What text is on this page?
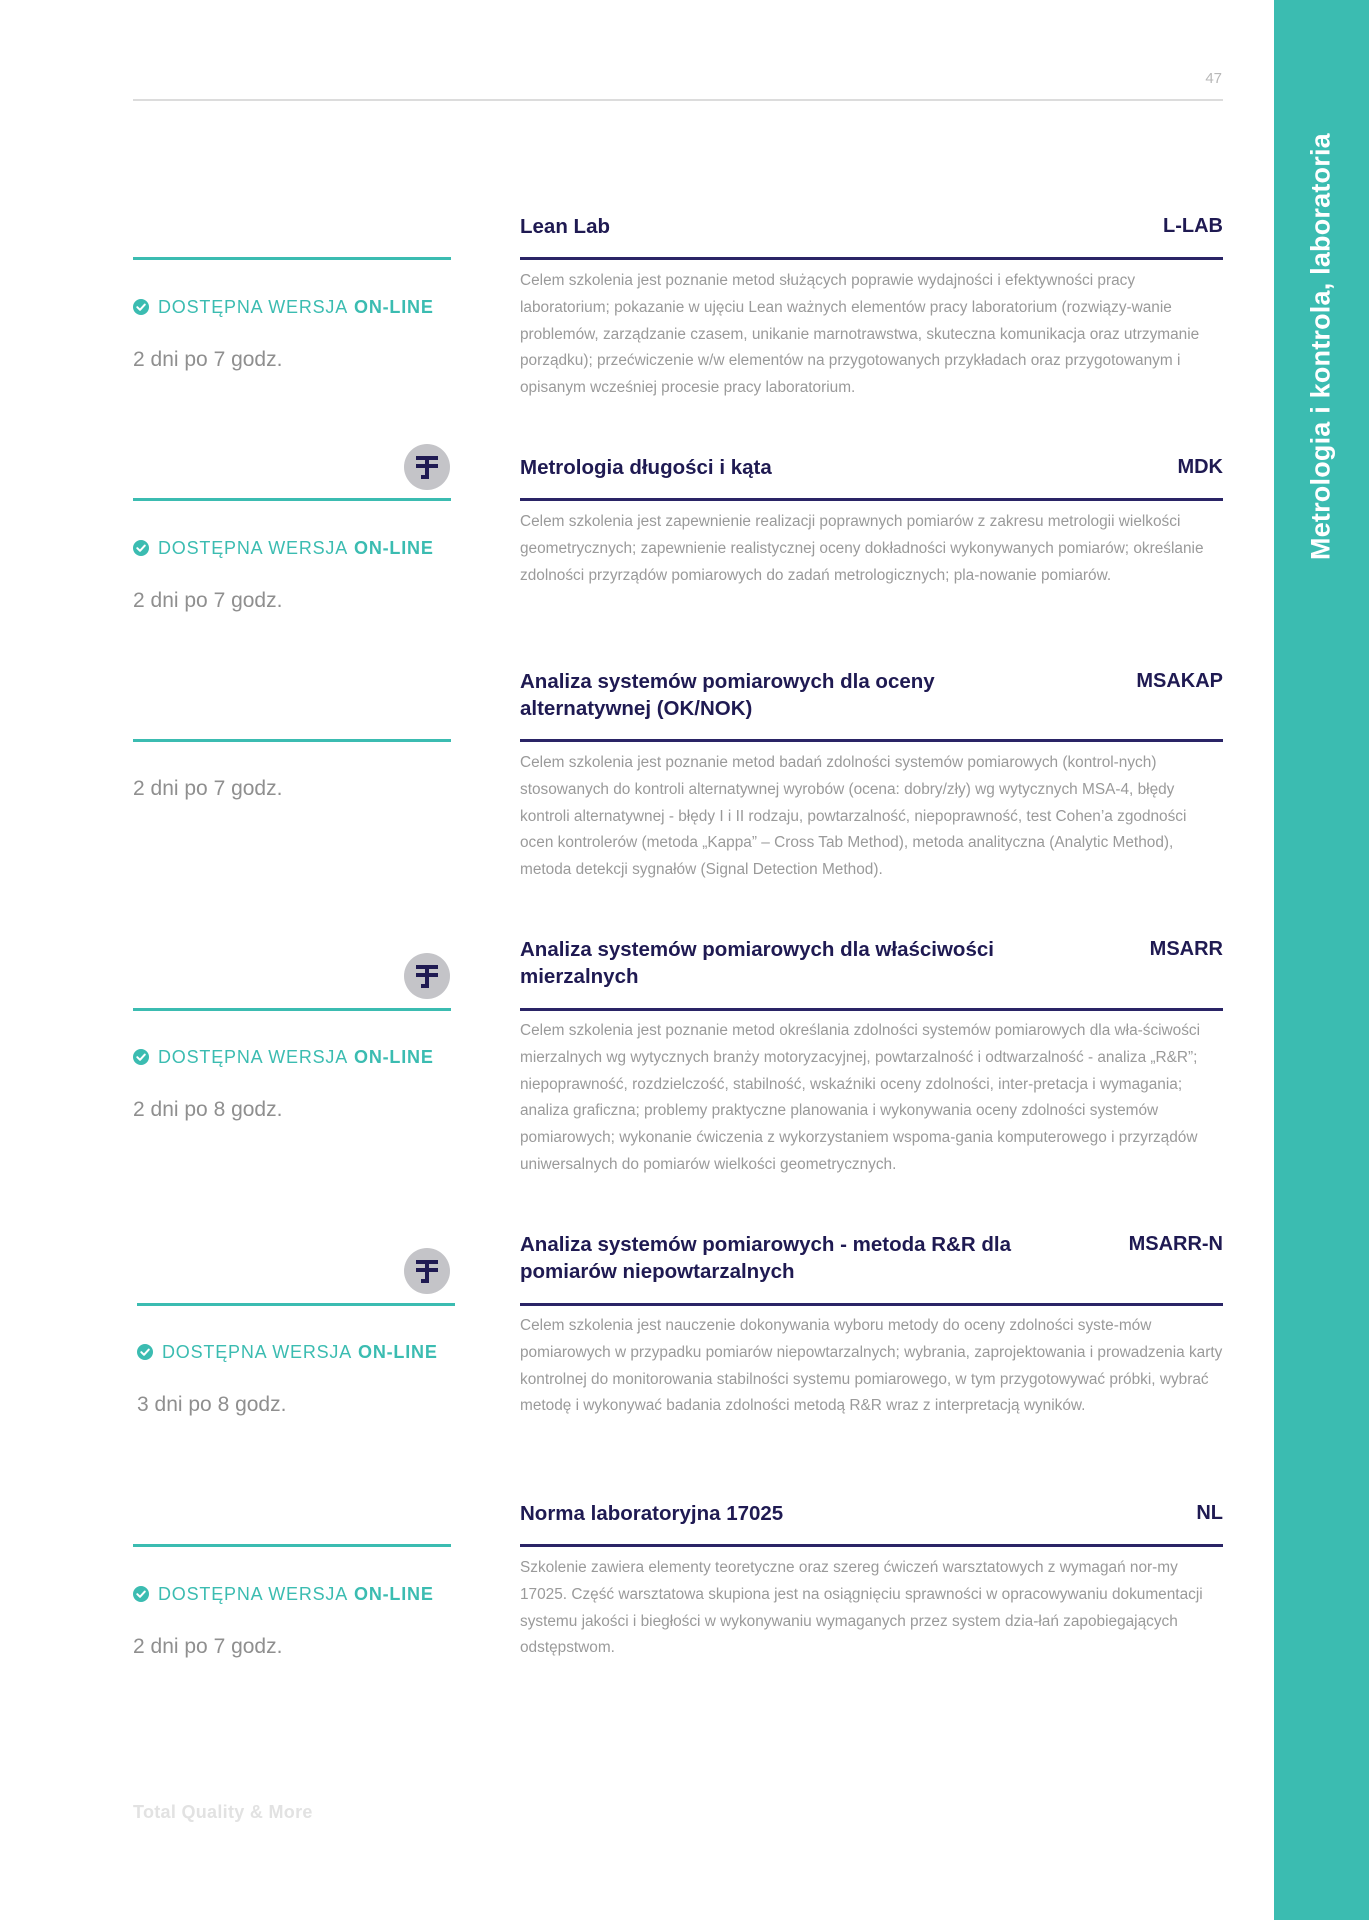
47
Metrologia i kontrola, laboratoria
DOSTĘPNA WERSJA ON-LINE
2 dni po 7 godz.
Lean Lab	L-LAB

Celem szkolenia jest poznanie metod służących poprawie wydajności i efektywności pracy laboratorium; pokazanie w ujęciu Lean ważnych elementów pracy laboratorium (rozwiązy-wanie problemów, zarządzanie czasem, unikanie marnotrawstwa, skuteczna komunikacja oraz utrzymanie porządku); przećwiczenie w/w elementów na przygotowanych przykładach oraz przygotowanym i opisanym wcześniej procesie pracy laboratorium.

DOSTĘPNA WERSJA ON-LINE
2 dni po 7 godz.
Metrologia długości i kąta	MDK

Celem szkolenia jest zapewnienie realizacji poprawnych pomiarów z zakresu metrologii wielkości geometrycznych; zapewnienie realistycznej oceny dokładności wykonywanych pomiarów; określanie zdolności przyrządów pomiarowych do zadań metrologicznych; pla-nowanie pomiarów.

2 dni po 7 godz.
Analiza systemów pomiarowych dla oceny alternatywnej (OK/NOK)
MSAKAP

Celem szkolenia jest poznanie metod badań zdolności systemów pomiarowych (kontrol-nych) stosowanych do kontroli alternatywnej wyrobów (ocena: dobry/zły) wg wytycznych MSA-4, błędy kontroli alternatywnej - błędy I i II rodzaju, powtarzalność, niepoprawność, test Cohen’a zgodności ocen kontrolerów (metoda „Kappa” – Cross Tab Method), metoda analityczna (Analytic Method), metoda detekcji sygnałów (Signal Detection Method).

DOSTĘPNA WERSJA ON-LINE
2 dni po 8 godz.
Analiza systemów pomiarowych dla właściwości mierzalnych
MSARR

Celem szkolenia jest poznanie metod określania zdolności systemów pomiarowych dla wła-ściwości mierzalnych wg wytycznych branży motoryzacyjnej, powtarzalność i odtwarzalność - analiza „R&R”; niepoprawność, rozdzielczość, stabilność, wskaźniki oceny zdolności, inter-pretacja i wymagania; analiza graficzna; problemy praktyczne planowania i wykonywania oceny zdolności systemów pomiarowych; wykonanie ćwiczenia z wykorzystaniem wspoma-gania komputerowego i przyrządów uniwersalnych do pomiarów wielkości geometrycznych.

DOSTĘPNA WERSJA ON-LINE
3 dni po 8 godz.
Analiza systemów pomiarowych - metoda R&R dla pomiarów niepowtarzalnych
MSARR-N

Celem szkolenia jest nauczenie dokonywania wyboru metody do oceny zdolności syste-mów pomiarowych w przypadku pomiarów niepowtarzalnych; wybrania, zaprojektowania i prowadzenia karty kontrolnej do monitorowania stabilności systemu pomiarowego, w tym przygotowywać próbki, wybrać metodę i wykonywać badania zdolności metodą R&R wraz z interpretacją wyników.

DOSTĘPNA WERSJA ON-LINE
2 dni po 7 godz.
Norma laboratoryjna 17025	NL

Szkolenie zawiera elementy teoretyczne oraz szereg ćwiczeń warsztatowych z wymagań nor-my 17025. Część warsztatowa skupiona jest na osiągnięciu sprawności w opracowywaniu dokumentacji systemu jakości i biegłości w wykonywaniu wymaganych przez system dzia-łań zapobiegających odstępstwom.

Total Quality & More
